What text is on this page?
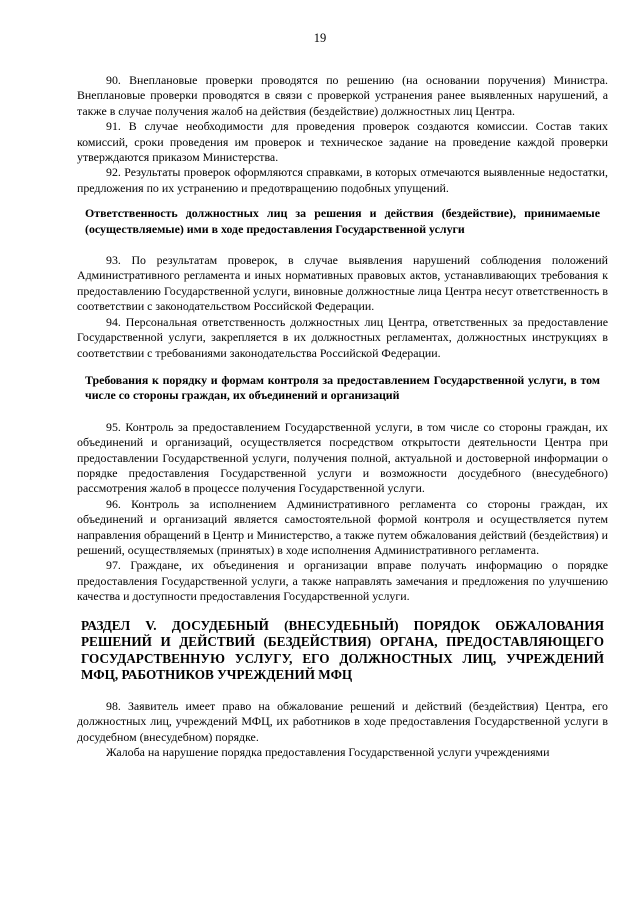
19

90. Внеплановые проверки проводятся по решению (на основании поручения) Министра. Внеплановые проверки проводятся в связи с проверкой устранения ранее выявленных нарушений, а также в случае получения жалоб на действия (бездействие) должностных лиц Центра.

91. В случае необходимости для проведения проверок создаются комиссии. Состав таких комиссий, сроки проведения им проверок и техническое задание на проведение каждой проверки утверждаются приказом Министерства.

92. Результаты проверок оформляются справками, в которых отмечаются выявленные недостатки, предложения по их устранению и предотвращению подобных упущений.

Ответственность должностных лиц за решения и действия (бездействие), принимаемые (осуществляемые) ими в ходе предоставления Государственной услуги

93. По результатам проверок, в случае выявления нарушений соблюдения положений Административного регламента и иных нормативных правовых актов, устанавливающих требования к предоставлению Государственной услуги, виновные должностные лица Центра несут ответственность в соответствии с законодательством Российской Федерации.

94. Персональная ответственность должностных лиц Центра, ответственных за предоставление Государственной услуги, закрепляется в их должностных регламентах, должностных инструкциях в соответствии с требованиями законодательства Российской Федерации.

Требования к порядку и формам контроля за предоставлением Государственной услуги, в том числе со стороны граждан, их объединений и организаций

95. Контроль за предоставлением Государственной услуги, в том числе со стороны граждан, их объединений и организаций, осуществляется посредством открытости деятельности Центра при предоставлении Государственной услуги, получения полной, актуальной и достоверной информации о порядке предоставления Государственной услуги и возможности досудебного (внесудебного) рассмотрения жалоб в процессе получения Государственной услуги.

96. Контроль за исполнением Административного регламента со стороны граждан, их объединений и организаций является самостоятельной формой контроля и осуществляется путем направления обращений в Центр и Министерство, а также путем обжалования действий (бездействия) и решений, осуществляемых (принятых) в ходе исполнения Административного регламента.

97. Граждане, их объединения и организации вправе получать информацию о порядке предоставления Государственной услуги, а также направлять замечания и предложения по улучшению качества и доступности предоставления Государственной услуги.

РАЗДЕЛ V. ДОСУДЕБНЫЙ (ВНЕСУДЕБНЫЙ) ПОРЯДОК ОБЖАЛОВАНИЯ РЕШЕНИЙ И ДЕЙСТВИЙ (БЕЗДЕЙСТВИЯ) ОРГАНА, ПРЕДОСТАВЛЯЮЩЕГО ГОСУДАРСТВЕННУЮ УСЛУГУ, ЕГО ДОЛЖНОСТНЫХ ЛИЦ, УЧРЕЖДЕНИЙ МФЦ, РАБОТНИКОВ УЧРЕЖДЕНИЙ МФЦ

98. Заявитель имеет право на обжалование решений и действий (бездействия) Центра, его должностных лиц, учреждений МФЦ, их работников в ходе предоставления Государственной услуги в досудебном (внесудебном) порядке.

Жалоба на нарушение порядка предоставления Государственной услуги учреждениями
